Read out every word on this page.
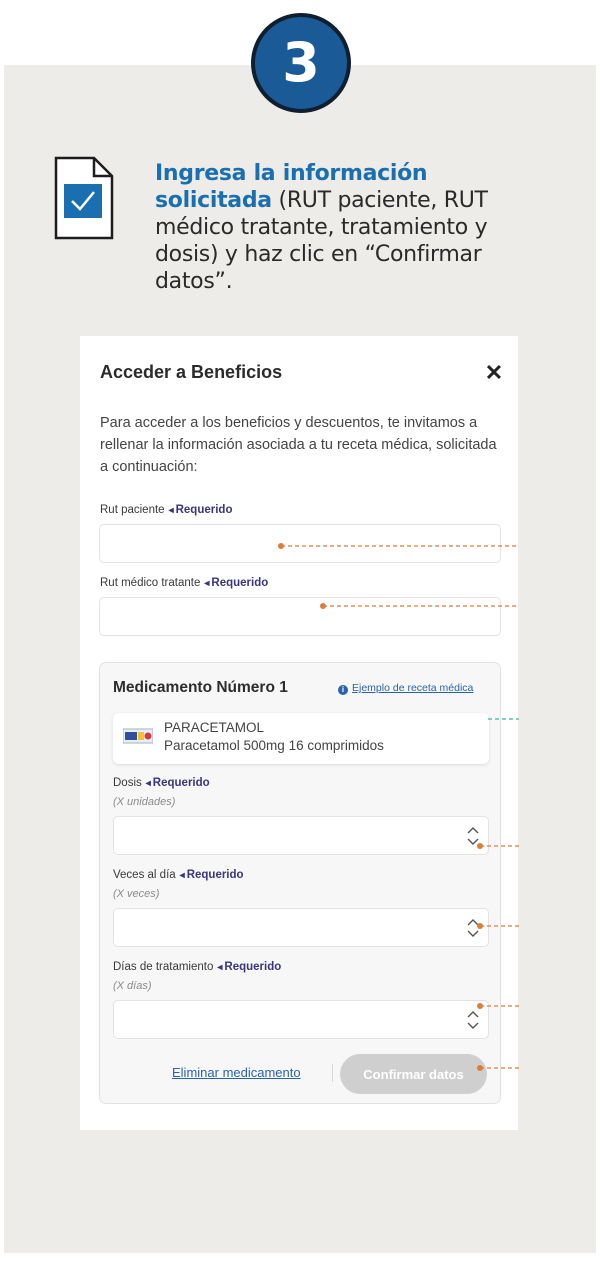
3

Ingresa la información solicitada (RUT paciente, RUT médico tratante, tratamiento y dosis) y haz clic en “Confirmar datos”.

Acceder a Beneficios	✕

Para acceder a los beneficios y descuentos, te invitamos a rellenar la información asociada a tu receta médica, solicitada a continuación:

Rut paciente ◂ Requerido
Rut médico tratante ◂ Requerido
Medicamento Número 1	i Ejemplo de receta médica
PARACETAMOL
Paracetamol 500mg 16 comprimidos
Dosis ◂ Requerido
(X unidades)
Veces al día ◂ Requerido
(X veces)
Días de tratamiento ◂ Requerido
(X días)
Eliminar medicamento	Confirmar datos
